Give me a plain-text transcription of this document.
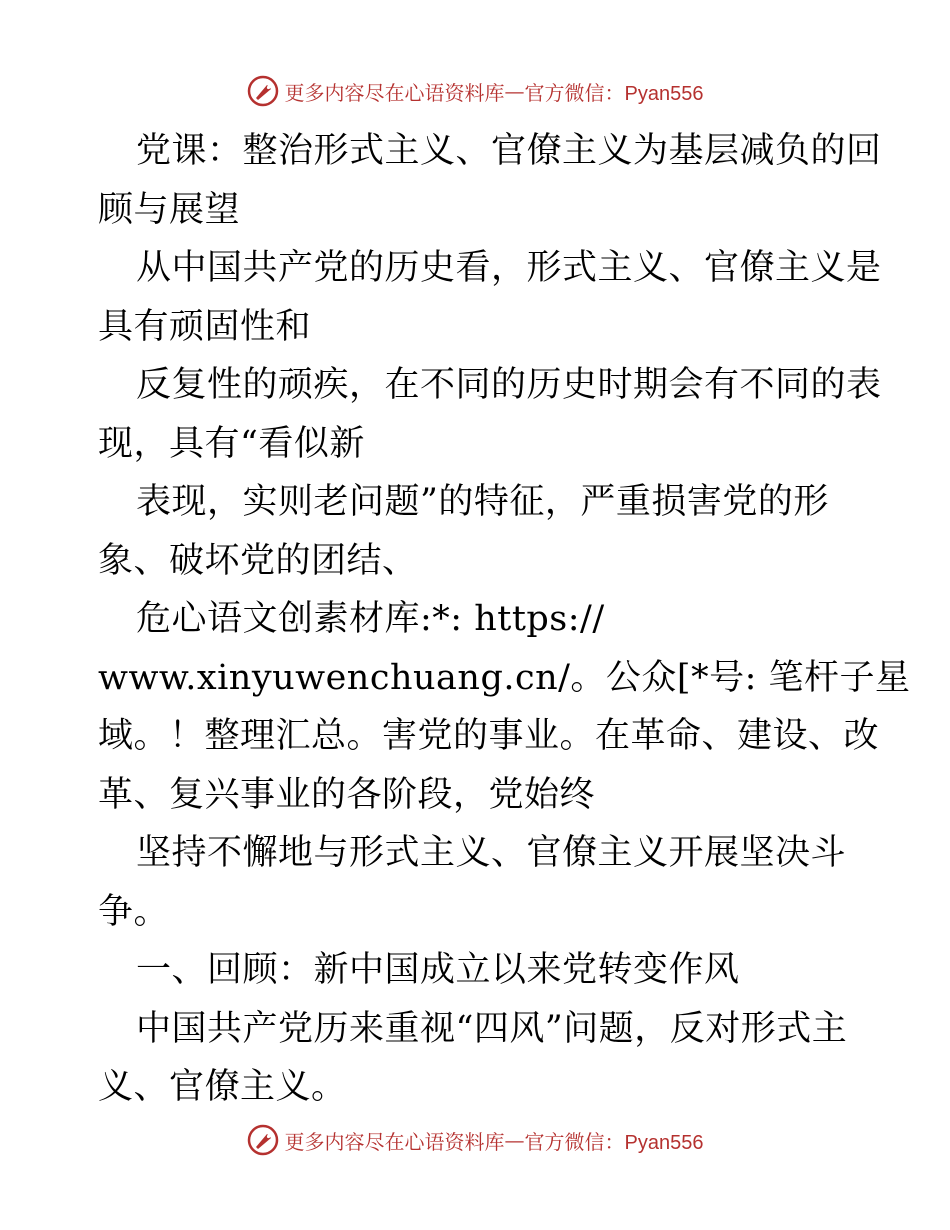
更多内容尽在心语资料库 — 官方微信：Pyan556
党课：整治形式主义、官僚主义为基层减负的回
顾与展望
从中国共产党的历史看，形式主义、官僚主义是
具有顽固性和
反复性的顽疾，在不同的历史时期会有不同的表
现，具有“看似新
表现，实则老问题”的特征，严重损害党的形
象、破坏党的团结、
危心语文创素材库:*: https://
www.xinyuwenchuang.cn/。公众[*号: 笔杆子星
域。！整理汇总。害党的事业。在革命、建设、改
革、复兴事业的各阶段，党始终
坚持不懈地与形式主义、官僚主义开展坚决斗
争。
一、回顾：新中国成立以来党转变作风
中国共产党历来重视“四风”问题，反对形式主
义、官僚主义。
更多内容尽在心语资料库 — 官方微信：Pyan556
